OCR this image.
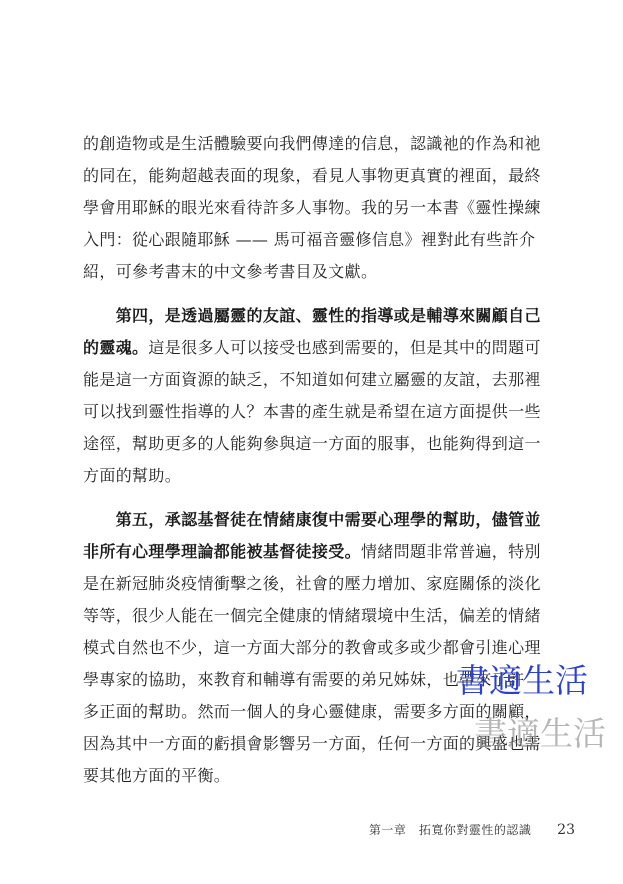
的創造物或是生活體驗要向我們傳達的信息，認識祂的作為和祂
的同在，能夠超越表面的現象，看見人事物更真實的裡面，最終
學會用耶穌的眼光來看待許多人事物。我的另一本書《靈性操練
入門：從心跟隨耶穌 —— 馬可福音靈修信息》裡對此有些許介
紹，可參考書末的中文參考書目及文獻。
　　第四，是透過屬靈的友誼、靈性的指導或是輔導來關顧自己
的靈魂。這是很多人可以接受也感到需要的，但是其中的問題可
能是這一方面資源的缺乏，不知道如何建立屬靈的友誼，去那裡
可以找到靈性指導的人？本書的產生就是希望在這方面提供一些
途徑，幫助更多的人能夠參與這一方面的服事，也能夠得到這一
方面的幫助。
　　第五，承認基督徒在情緒康復中需要心理學的幫助，儘管並
非所有心理學理論都能被基督徒接受。情緒問題非常普遍，特別
是在新冠肺炎疫情衝擊之後，社會的壓力增加、家庭關係的淡化
等等，很少人能在一個完全健康的情緒環境中生活，偏差的情緒
模式自然也不少，這一方面大部分的教會或多或少都會引進心理
學專家的協助，來教育和輔導有需要的弟兄姊妹，也帶來了許
多正面的幫助。然而一個人的身心靈健康，需要多方面的關顧，
因為其中一方面的虧損會影響另一方面，任何一方面的興盛也需
要其他方面的平衡。
第一章　拓寬你對靈性的認識 23
書適生活
書適生活
